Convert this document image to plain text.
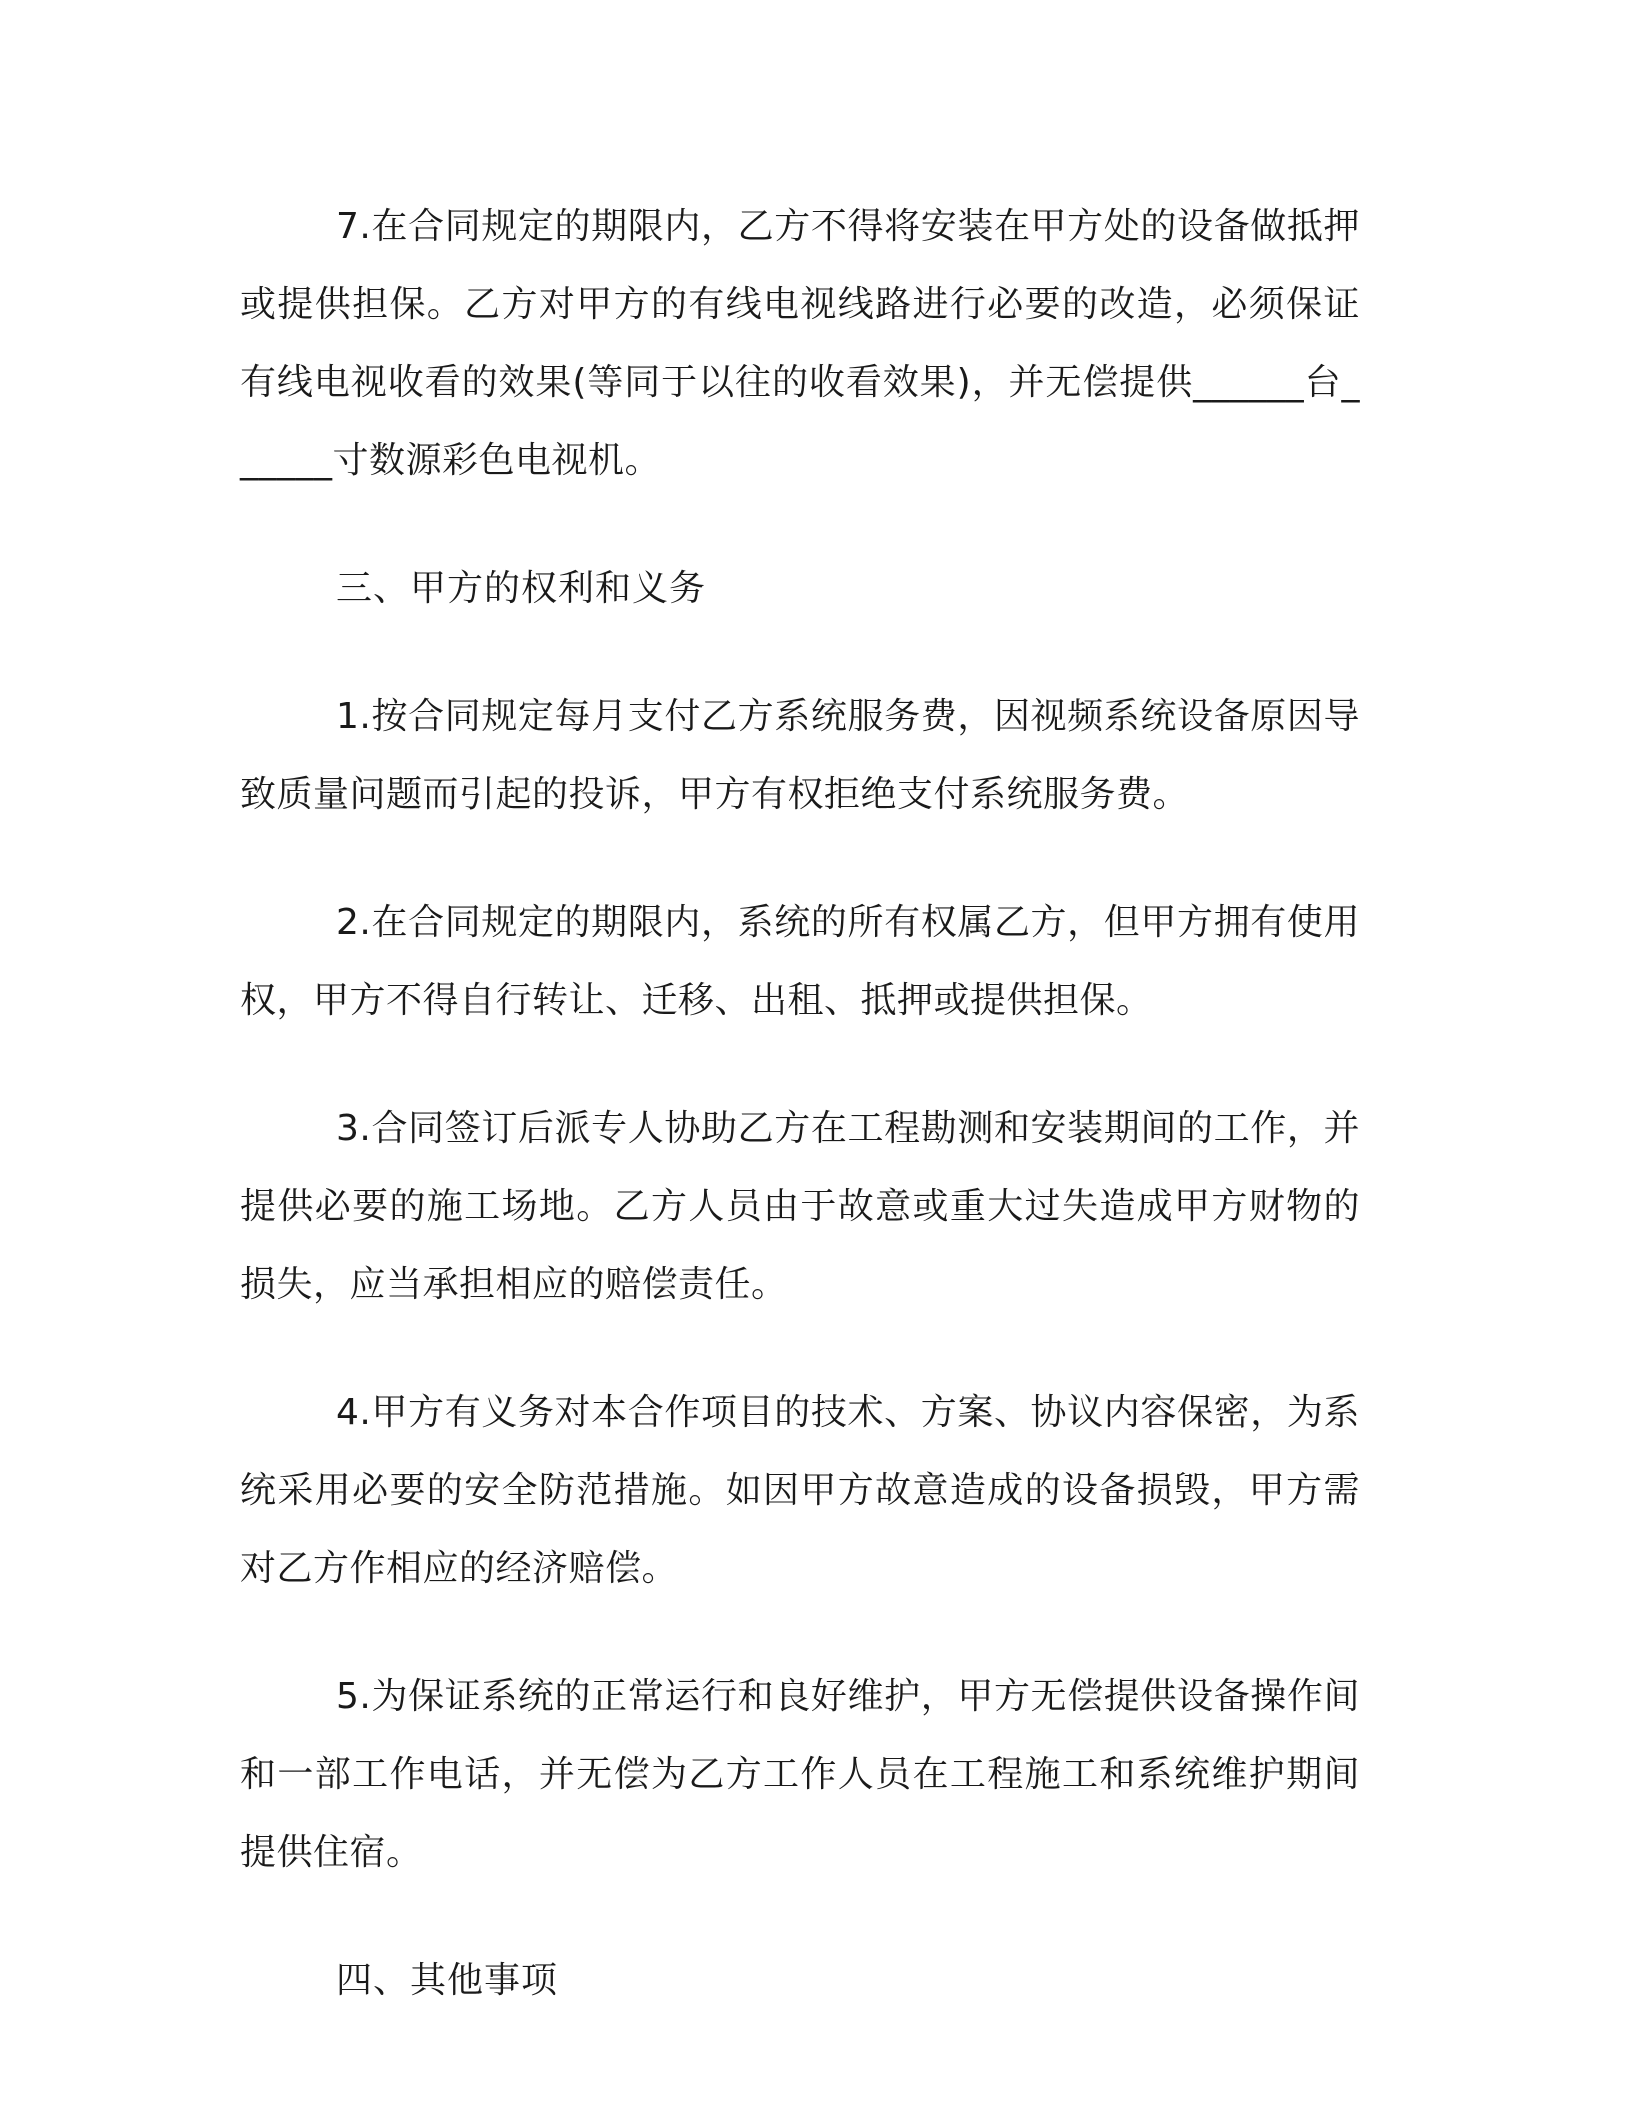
7.在合同规定的期限内，乙方不得将安装在甲方处的设备做抵押或提供担保。乙方对甲方的有线电视线路进行必要的改造，必须保证有线电视收看的效果(等同于以往的收看效果)，并无偿提供______台______寸数源彩色电视机。

三、甲方的权利和义务

1.按合同规定每月支付乙方系统服务费，因视频系统设备原因导致质量问题而引起的投诉，甲方有权拒绝支付系统服务费。

2.在合同规定的期限内，系统的所有权属乙方，但甲方拥有使用权，甲方不得自行转让、迁移、出租、抵押或提供担保。

3.合同签订后派专人协助乙方在工程勘测和安装期间的工作，并提供必要的施工场地。乙方人员由于故意或重大过失造成甲方财物的损失，应当承担相应的赔偿责任。

4.甲方有义务对本合作项目的技术、方案、协议内容保密，为系统采用必要的安全防范措施。如因甲方故意造成的设备损毁，甲方需对乙方作相应的经济赔偿。

5.为保证系统的正常运行和良好维护，甲方无偿提供设备操作间和一部工作电话，并无偿为乙方工作人员在工程施工和系统维护期间提供住宿。

四、其他事项
